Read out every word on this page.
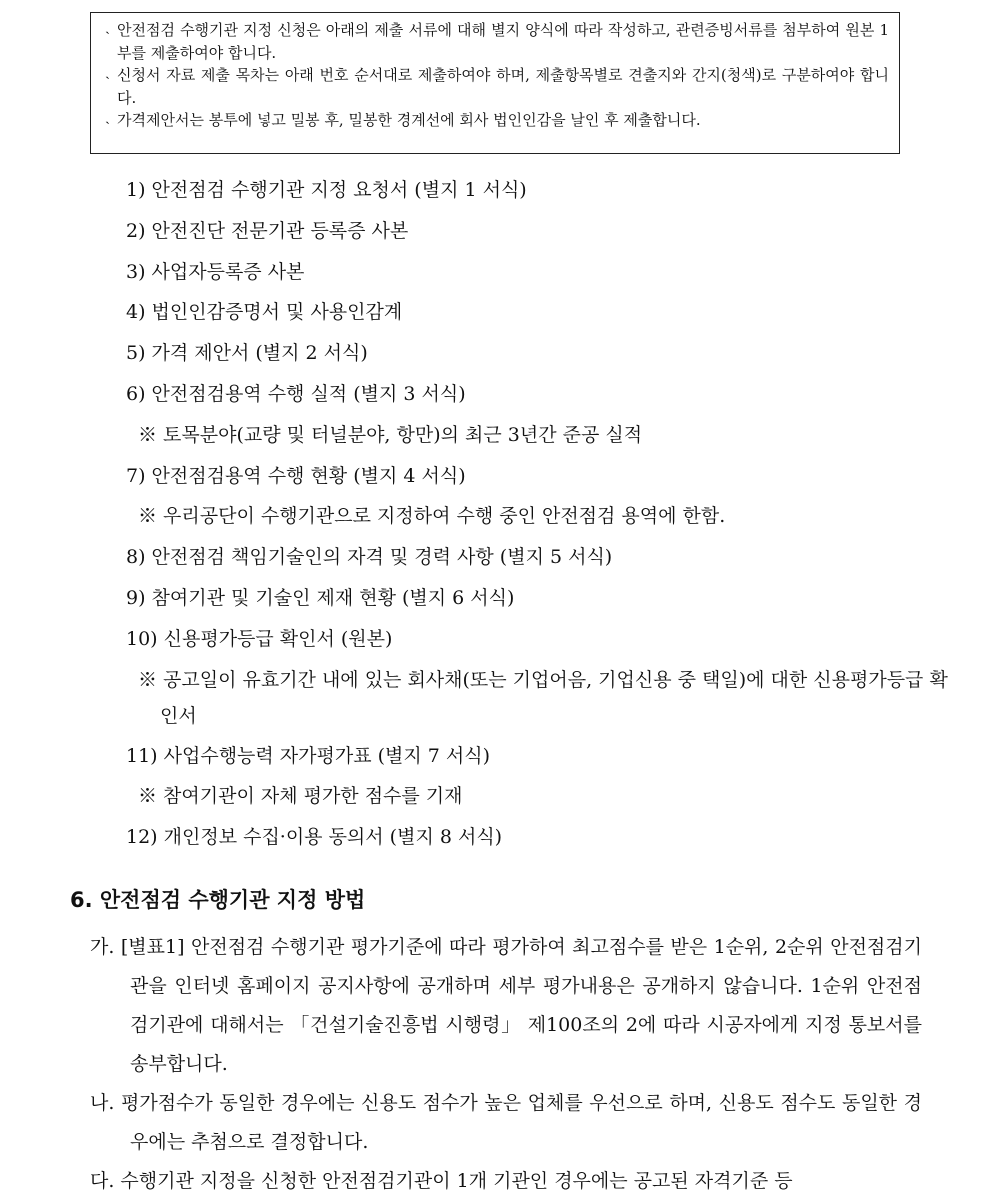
ˎ 안전점검 수행기관 지정 신청은 아래의 제출 서류에 대해 별지 양식에 따라 작성하고, 관련증빙서류를 첨부하여 원본 1부를 제출하여야 합니다.
ˎ 신청서 자료 제출 목차는 아래 번호 순서대로 제출하여야 하며, 제출항목별로 견출지와 간지(청색)로 구분하여야 합니다.
ˎ 가격제안서는 봉투에 넣고 밀봉 후, 밀봉한 경계선에 회사 법인인감을 날인 후 제출합니다.
1) 안전점검 수행기관 지정 요청서 (별지 1 서식)
2) 안전진단 전문기관 등록증 사본
3) 사업자등록증 사본
4) 법인인감증명서 및 사용인감계
5) 가격 제안서 (별지 2 서식)
6) 안전점검용역 수행 실적 (별지 3 서식)
※ 토목분야(교량 및 터널분야, 항만)의 최근 3년간 준공 실적
7) 안전점검용역 수행 현황 (별지 4 서식)
※ 우리공단이 수행기관으로 지정하여 수행 중인 안전점검 용역에 한함.
8) 안전점검 책임기술인의 자격 및 경력 사항 (별지 5 서식)
9) 참여기관 및 기술인 제재 현황 (별지 6 서식)
10) 신용평가등급 확인서 (원본)
※ 공고일이 유효기간 내에 있는 회사채(또는 기업어음, 기업신용 중 택일)에 대한 신용평가등급 확인서
11) 사업수행능력 자가평가표 (별지 7 서식)
※ 참여기관이 자체 평가한 점수를 기재
12) 개인정보 수집·이용 동의서 (별지 8 서식)
6. 안전점검 수행기관 지정 방법
가. [별표1] 안전점검 수행기관 평가기준에 따라 평가하여 최고점수를 받은 1순위, 2순위 안전점검기관을 인터넷 홈페이지 공지사항에 공개하며 세부 평가내용은 공개하지 않습니다. 1순위 안전점검기관에 대해서는 「건설기술진흥법 시행령」 제100조의 2에 따라 시공자에게 지정 통보서를 송부합니다.
나. 평가점수가 동일한 경우에는 신용도 점수가 높은 업체를 우선으로 하며, 신용도 점수도 동일한 경우에는 추첨으로 결정합니다.
다. 수행기관 지정을 신청한 안전점검기관이 1개 기관인 경우에는 공고된 자격기준 등
